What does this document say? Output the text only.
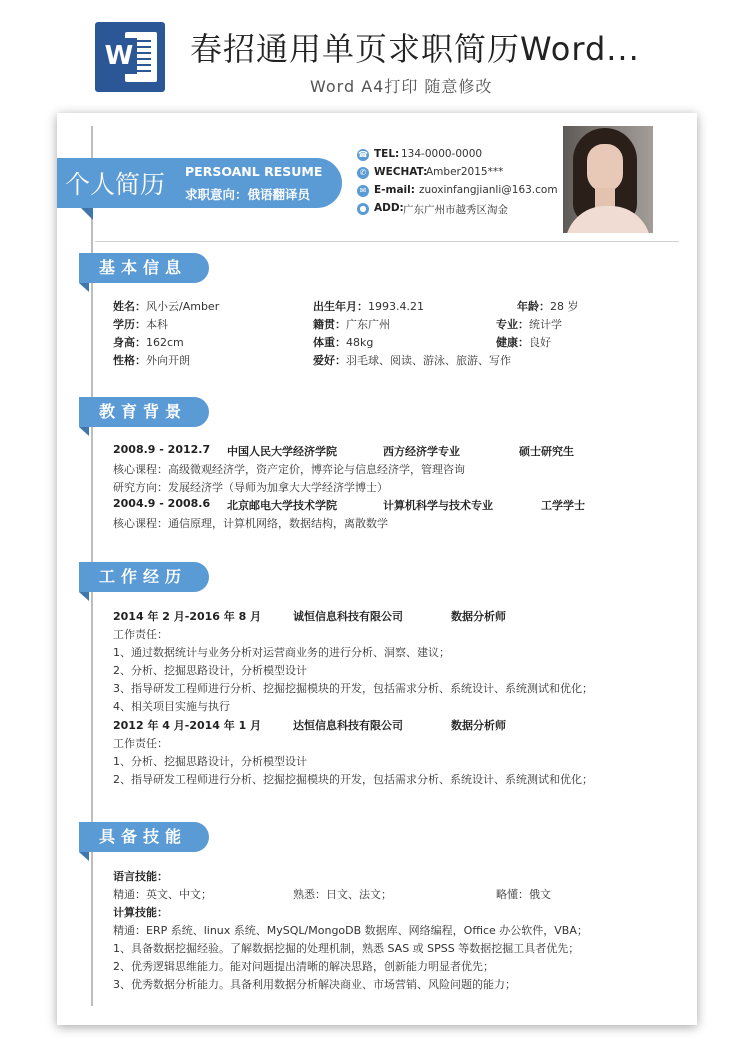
W 春招通用单页求职简历Word...
Word A4打印 随意修改
个人简历 PERSOANL RESUME
求职意向：俄语翻译员
☎ TEL: 134-0000-0000
✆ WECHAT:
Amber2015***
✉ E-mail: zuoxinfangjianli@163.com
● ADD: 广东广州市越秀区淘金
基本信息
姓名：风小云/Amber	出生年月：1993.4.21	年龄：28 岁
学历：本科	籍贯：广东广州	专业：统计学
身高：162cm	体重：48kg	健康：良好
性格：外向开朗	爱好：羽毛球、阅读、游泳、旅游、写作
教育背景
2008.9 - 2012.7 中国人民大学经济学院	西方经济学专业	硕士研究生
核心课程：高级微观经济学，资产定价，博弈论与信息经济学，管理咨询
研究方向：发展经济学（导师为加拿大大学经济学博士）
2004.9 - 2008.6 北京邮电大学技术学院	计算机科学与技术专业	工学学士
核心课程：通信原理，计算机网络，数据结构，离散数学
工作经历
2014 年 2 月-2016 年 8 月	诚恒信息科技有限公司	数据分析师
工作责任：
1、通过数据统计与业务分析对运营商业务的进行分析、洞察、建议；
2、分析、挖掘思路设计，分析模型设计
3、指导研发工程师进行分析、挖掘挖掘模块的开发，包括需求分析、系统设计、系统测试和优化；
4、相关项目实施与执行
2012 年 4 月-2014 年 1 月	达恒信息科技有限公司	数据分析师
工作责任：
1、分析、挖掘思路设计，分析模型设计
2、指导研发工程师进行分析、挖掘挖掘模块的开发，包括需求分析、系统设计、系统测试和优化；
具备技能
语言技能：
精通：英文、中文；	熟悉：日文、法文；	略懂：俄文
计算技能：
精通：ERP 系统、linux 系统、MySQL/MongoDB 数据库、网络编程，Office 办公软件，VBA；
1、具备数据挖掘经验。了解数据挖掘的处理机制，熟悉 SAS 或 SPSS 等数据挖掘工具者优先；
2、优秀逻辑思维能力。能对问题提出清晰的解决思路，创新能力明显者优先；
3、优秀数据分析能力。具备利用数据分析解决商业、市场营销、风险问题的能力；
